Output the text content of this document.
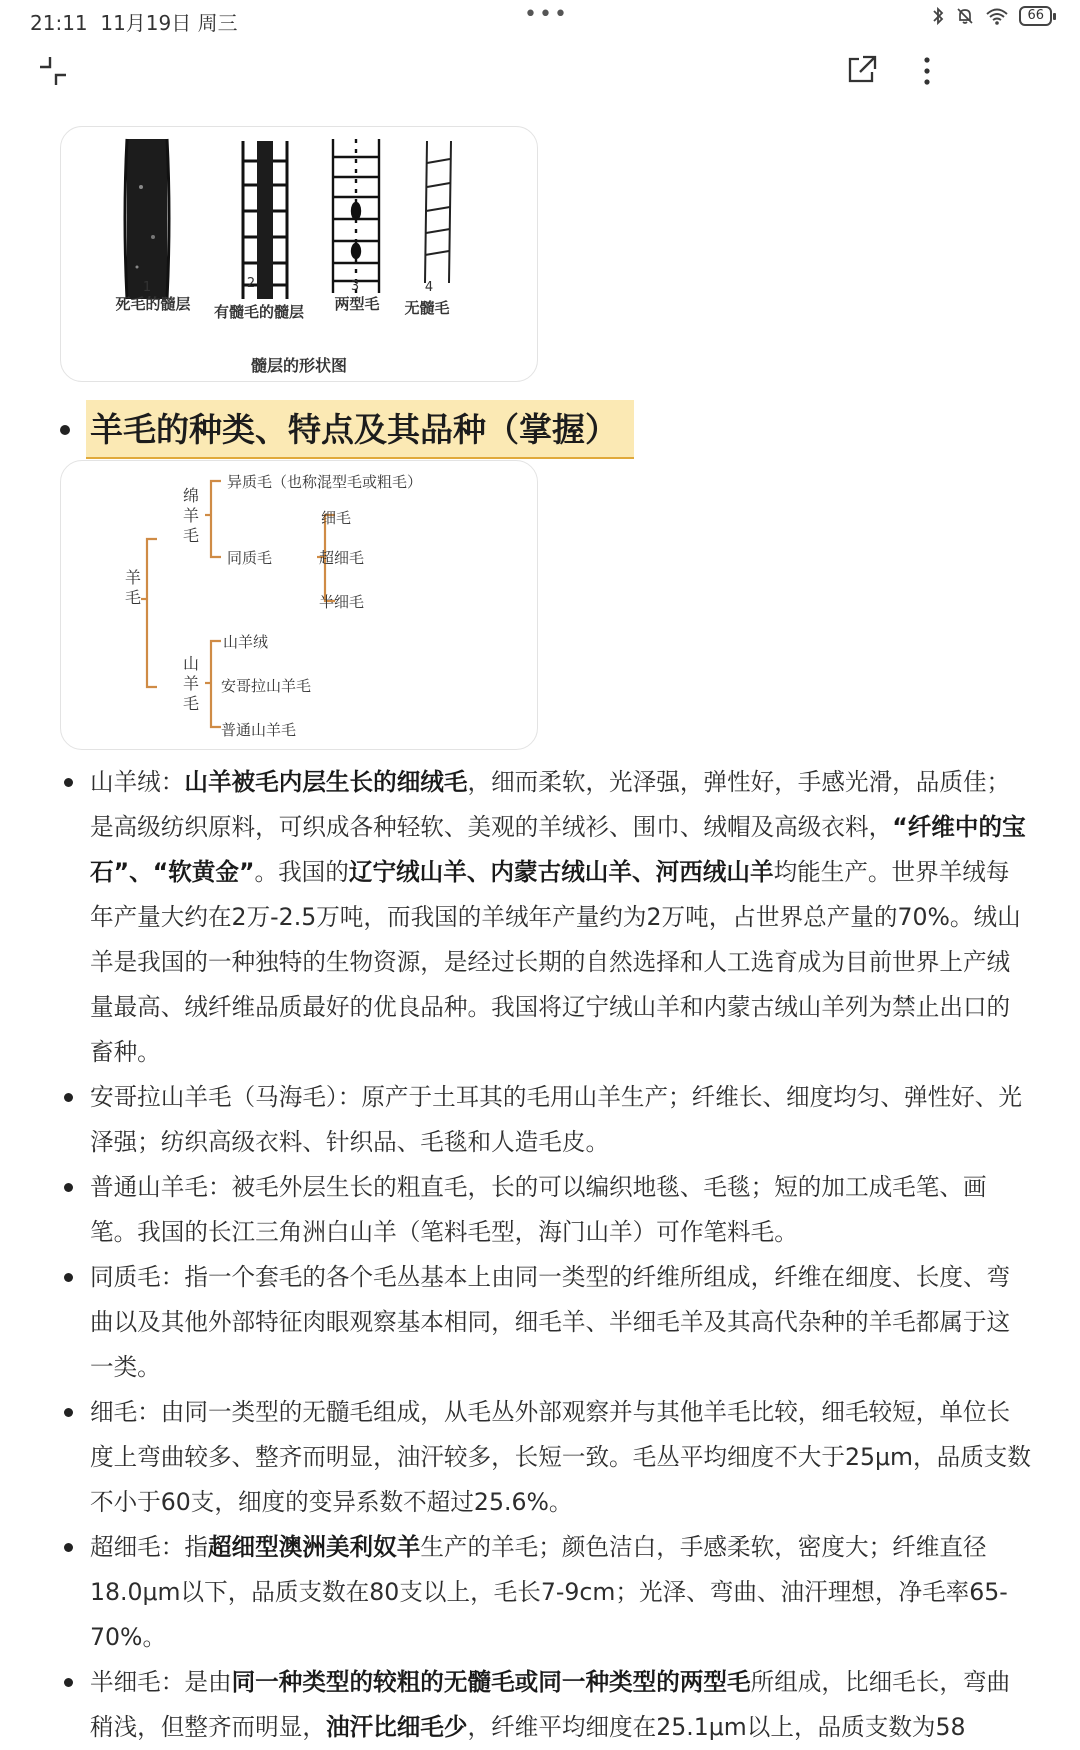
21:11 11月19日 周三	•••	66
1	2	3	4
死毛的髓层 有髓毛的髓层 两型毛 无髓毛
髓层的形状图
羊毛的种类、特点及其品种（掌握）
羊毛
绵羊毛
山羊毛
异质毛（也称混型毛或粗毛）
同质毛
细毛
超细毛
半细毛
山羊绒
安哥拉山羊毛
普通山羊毛
山羊绒：山羊被毛内层生长的细绒毛，细而柔软，光泽强，弹性好，手感光滑，品质佳；是高级纺织原料，可织成各种轻软、美观的羊绒衫、围巾、绒帽及高级衣料，“纤维中的宝石”、“软黄金”。我国的辽宁绒山羊、内蒙古绒山羊、河西绒山羊均能生产。世界羊绒每年产量大约在2万-2.5万吨，而我国的羊绒年产量约为2万吨，占世界总产量的70%。绒山羊是我国的一种独特的生物资源，是经过长期的自然选择和人工选育成为目前世界上产绒量最高、绒纤维品质最好的优良品种。我国将辽宁绒山羊和内蒙古绒山羊列为禁止出口的畜种。
安哥拉山羊毛（马海毛）：原产于土耳其的毛用山羊生产；纤维长、细度均匀、弹性好、光泽强；纺织高级衣料、针织品、毛毯和人造毛皮。
普通山羊毛：被毛外层生长的粗直毛，长的可以编织地毯、毛毯；短的加工成毛笔、画笔。我国的长江三角洲白山羊（笔料毛型，海门山羊）可作笔料毛。
同质毛：指一个套毛的各个毛丛基本上由同一类型的纤维所组成，纤维在细度、长度、弯曲以及其他外部特征肉眼观察基本相同，细毛羊、半细毛羊及其高代杂种的羊毛都属于这一类。
细毛：由同一类型的无髓毛组成，从毛丛外部观察并与其他羊毛比较，细毛较短，单位长度上弯曲较多、整齐而明显，油汗较多，长短一致。毛丛平均细度不大于25μm，品质支数不小于60支，细度的变异系数不超过25.6%。
超细毛：指超细型澳洲美利奴羊生产的羊毛；颜色洁白，手感柔软，密度大；纤维直径18.0μm以下，品质支数在80支以上，毛长7-9cm；光泽、弯曲、油汗理想，净毛率65-70%。
半细毛：是由同一种类型的较粗的无髓毛或同一种类型的两型毛所组成，比细毛长，弯曲稍浅，但整齐而明显，油汗比细毛少，纤维平均细度在25.1μm以上，品质支数为58
